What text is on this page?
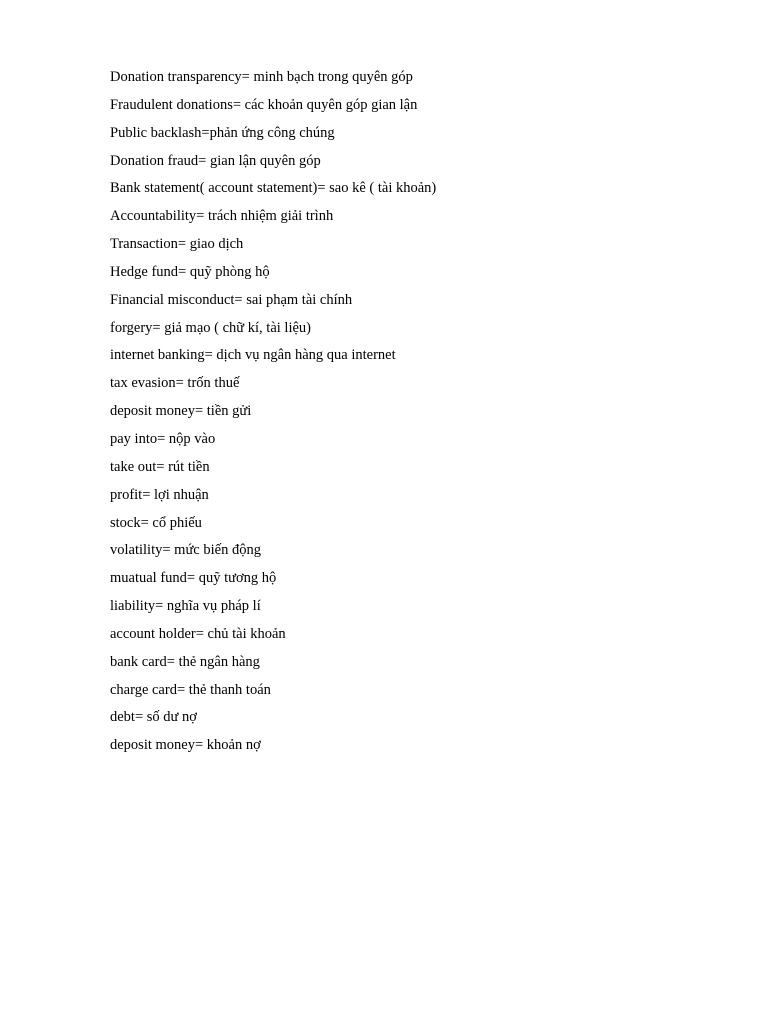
Donation transparency= minh bạch trong quyên góp
Fraudulent donations= các khoản quyên góp gian lận
Public backlash=phản ứng công chúng
Donation fraud= gian lận quyên góp
Bank statement( account statement)= sao kê ( tài khoản)
Accountability= trách nhiệm giải trình
Transaction= giao dịch
Hedge fund= quỹ phòng hộ
Financial misconduct= sai phạm tài chính
forgery= giả mạo ( chữ kí, tài liệu)
internet banking= dịch vụ ngân hàng qua internet
tax evasion= trốn thuế
deposit money= tiền gửi
pay into= nộp vào
take out= rút tiền
profit= lợi nhuận
stock= cổ phiếu
volatility= mức biến động
muatual fund= quỹ tương hộ
liability= nghĩa vụ pháp lí
account holder= chủ tài khoản
bank card= thẻ ngân hàng
charge card= thẻ thanh toán
debt= số dư nợ
deposit money= khoản nợ
